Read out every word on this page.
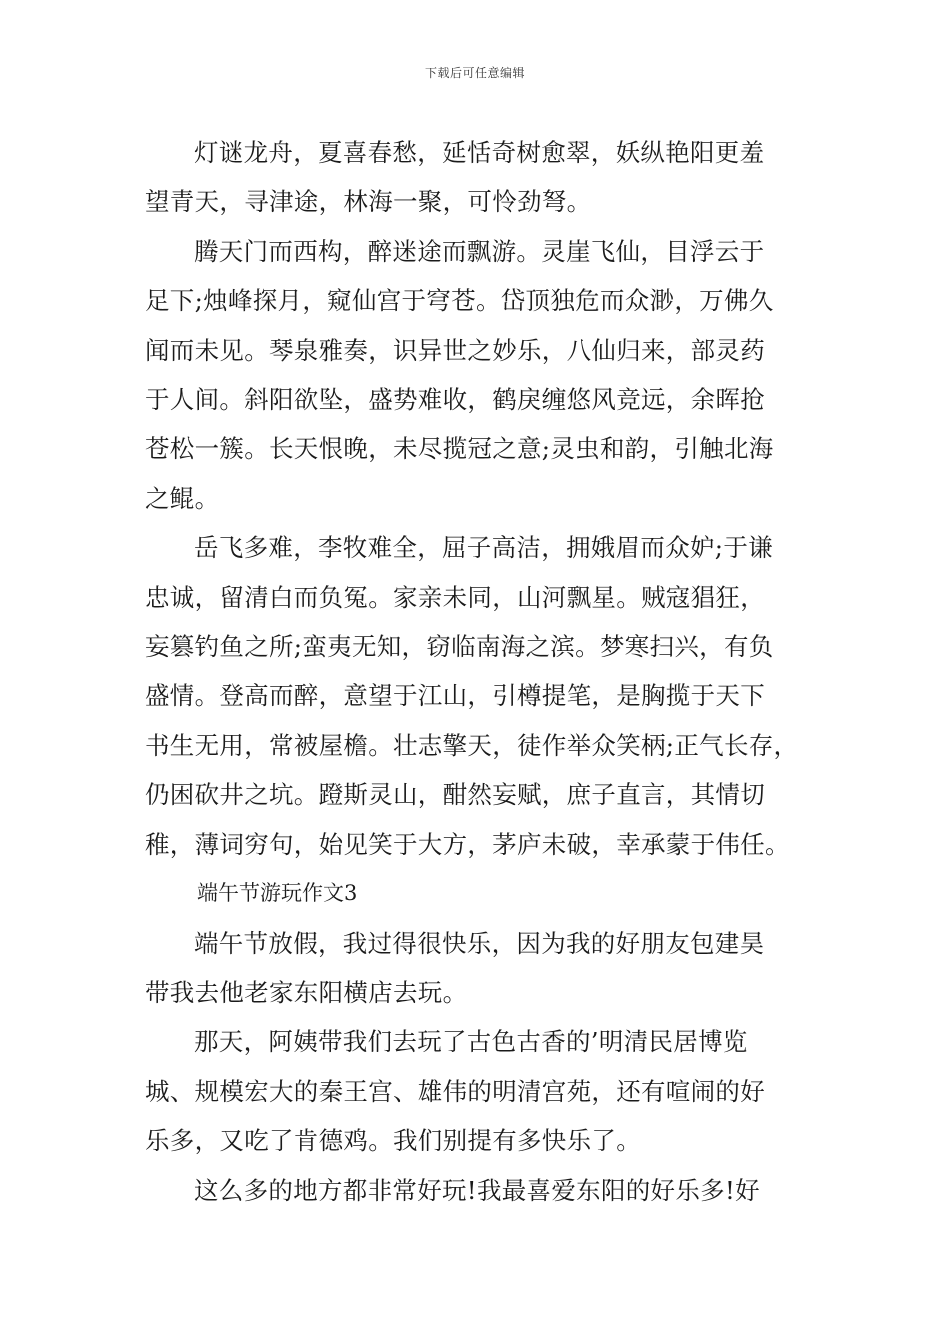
下载后可任意编辑

灯谜龙舟，夏喜春愁，延恬奇树愈翠，妖纵艳阳更羞
望青天，寻津途，林海一聚，可怜劲弩。

腾天门而西构，醉迷途而飘游。灵崖飞仙，目浮云于
足下;烛峰探月，窥仙宫于穹苍。岱顶独危而众渺，万佛久
闻而未见。琴泉雅奏，识异世之妙乐，八仙归来，部灵药
于人间。斜阳欲坠，盛势难收，鹤戾缠悠风竞远，余晖抢
苍松一簇。长天恨晚，未尽揽冠之意;灵虫和韵，引触北海
之鲲。

岳飞多难，李牧难全，屈子高洁，拥娥眉而众妒;于谦
忠诚，留清白而负冤。家亲未同，山河飘星。贼寇猖狂，
妄篡钓鱼之所;蛮夷无知，窃临南海之滨。梦寒扫兴，有负
盛情。登高而醉，意望于江山，引樽提笔，是胸揽于天下
书生无用，常被屋檐。壮志擎天，徒作举众笑柄;正气长存，
仍困砍井之坑。蹬斯灵山，酣然妄赋，庶子直言，其情切
稚，薄词穷句，始见笑于大方，茅庐未破，幸承蒙于伟任。

端午节游玩作文3

端午节放假，我过得很快乐，因为我的好朋友包建昊
带我去他老家东阳横店去玩。

那天，阿姨带我们去玩了古色古香的’明清民居博览
城、规模宏大的秦王宫、雄伟的明清宫苑，还有喧闹的好
乐多，又吃了肯德鸡。我们别提有多快乐了。

这么多的地方都非常好玩!我最喜爱东阳的好乐多!好
